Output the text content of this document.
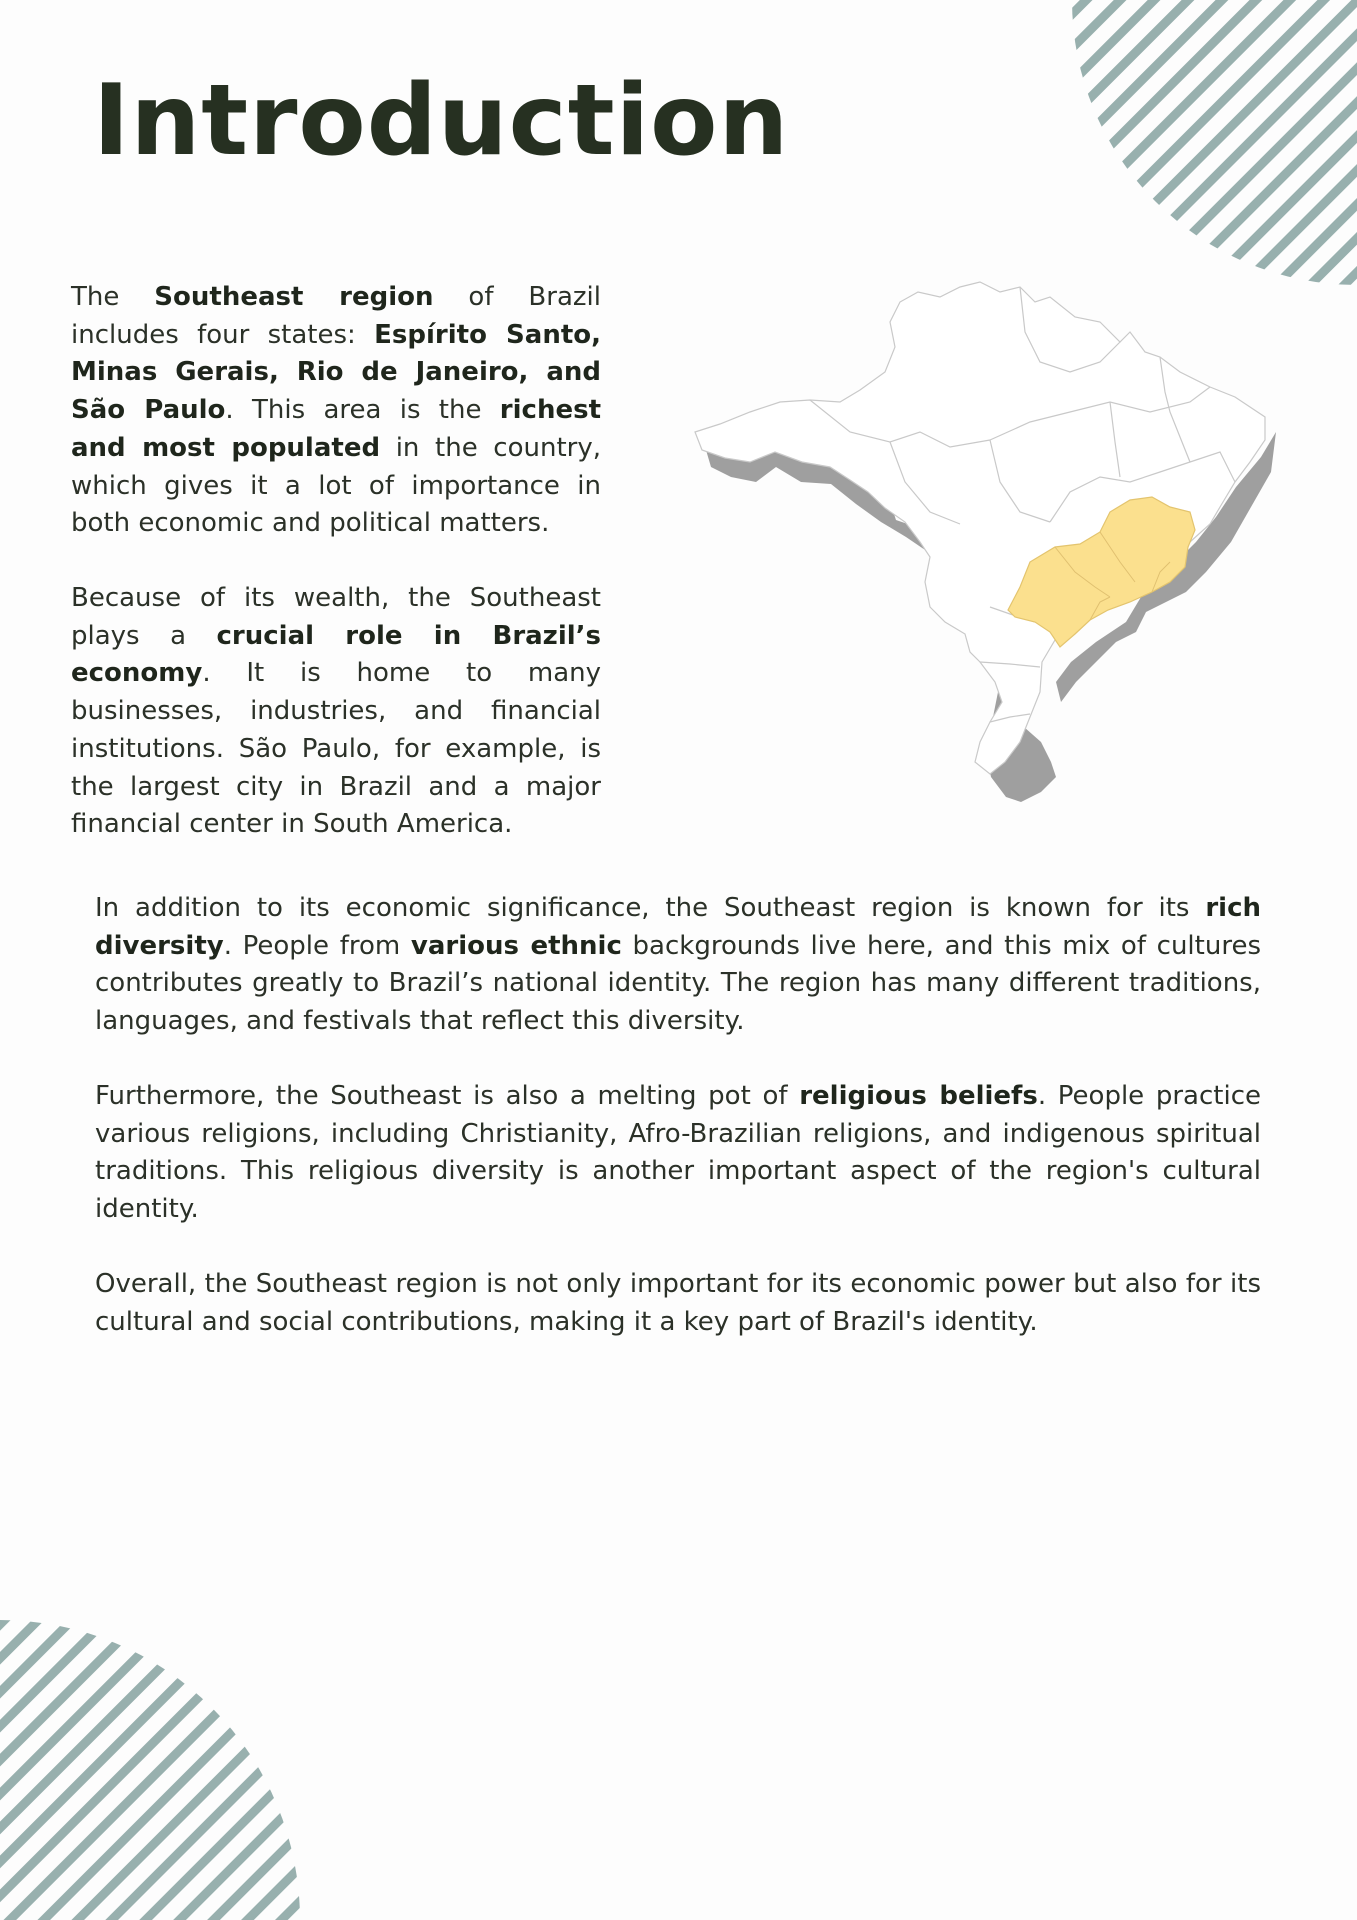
Introduction

The Southeast region of Brazil includes four states: Espírito Santo, Minas Gerais, Rio de Janeiro, and São Paulo. This area is the richest and most populated in the country, which gives it a lot of importance in both economic and political matters.

Because of its wealth, the Southeast plays a crucial role in Brazil’s economy. It is home to many businesses, industries, and financial institutions. São Paulo, for example, is the largest city in Brazil and a major financial center in South America.

In addition to its economic significance, the Southeast region is known for its rich diversity. People from various ethnic backgrounds live here, and this mix of cultures contributes greatly to Brazil’s national identity. The region has many different traditions, languages, and festivals that reflect this diversity.

Furthermore, the Southeast is also a melting pot of religious beliefs. People practice various religions, including Christianity, Afro-Brazilian religions, and indigenous spiritual traditions. This religious diversity is another important aspect of the region's cultural identity.

Overall, the Southeast region is not only important for its economic power but also for its cultural and social contributions, making it a key part of Brazil's identity.
